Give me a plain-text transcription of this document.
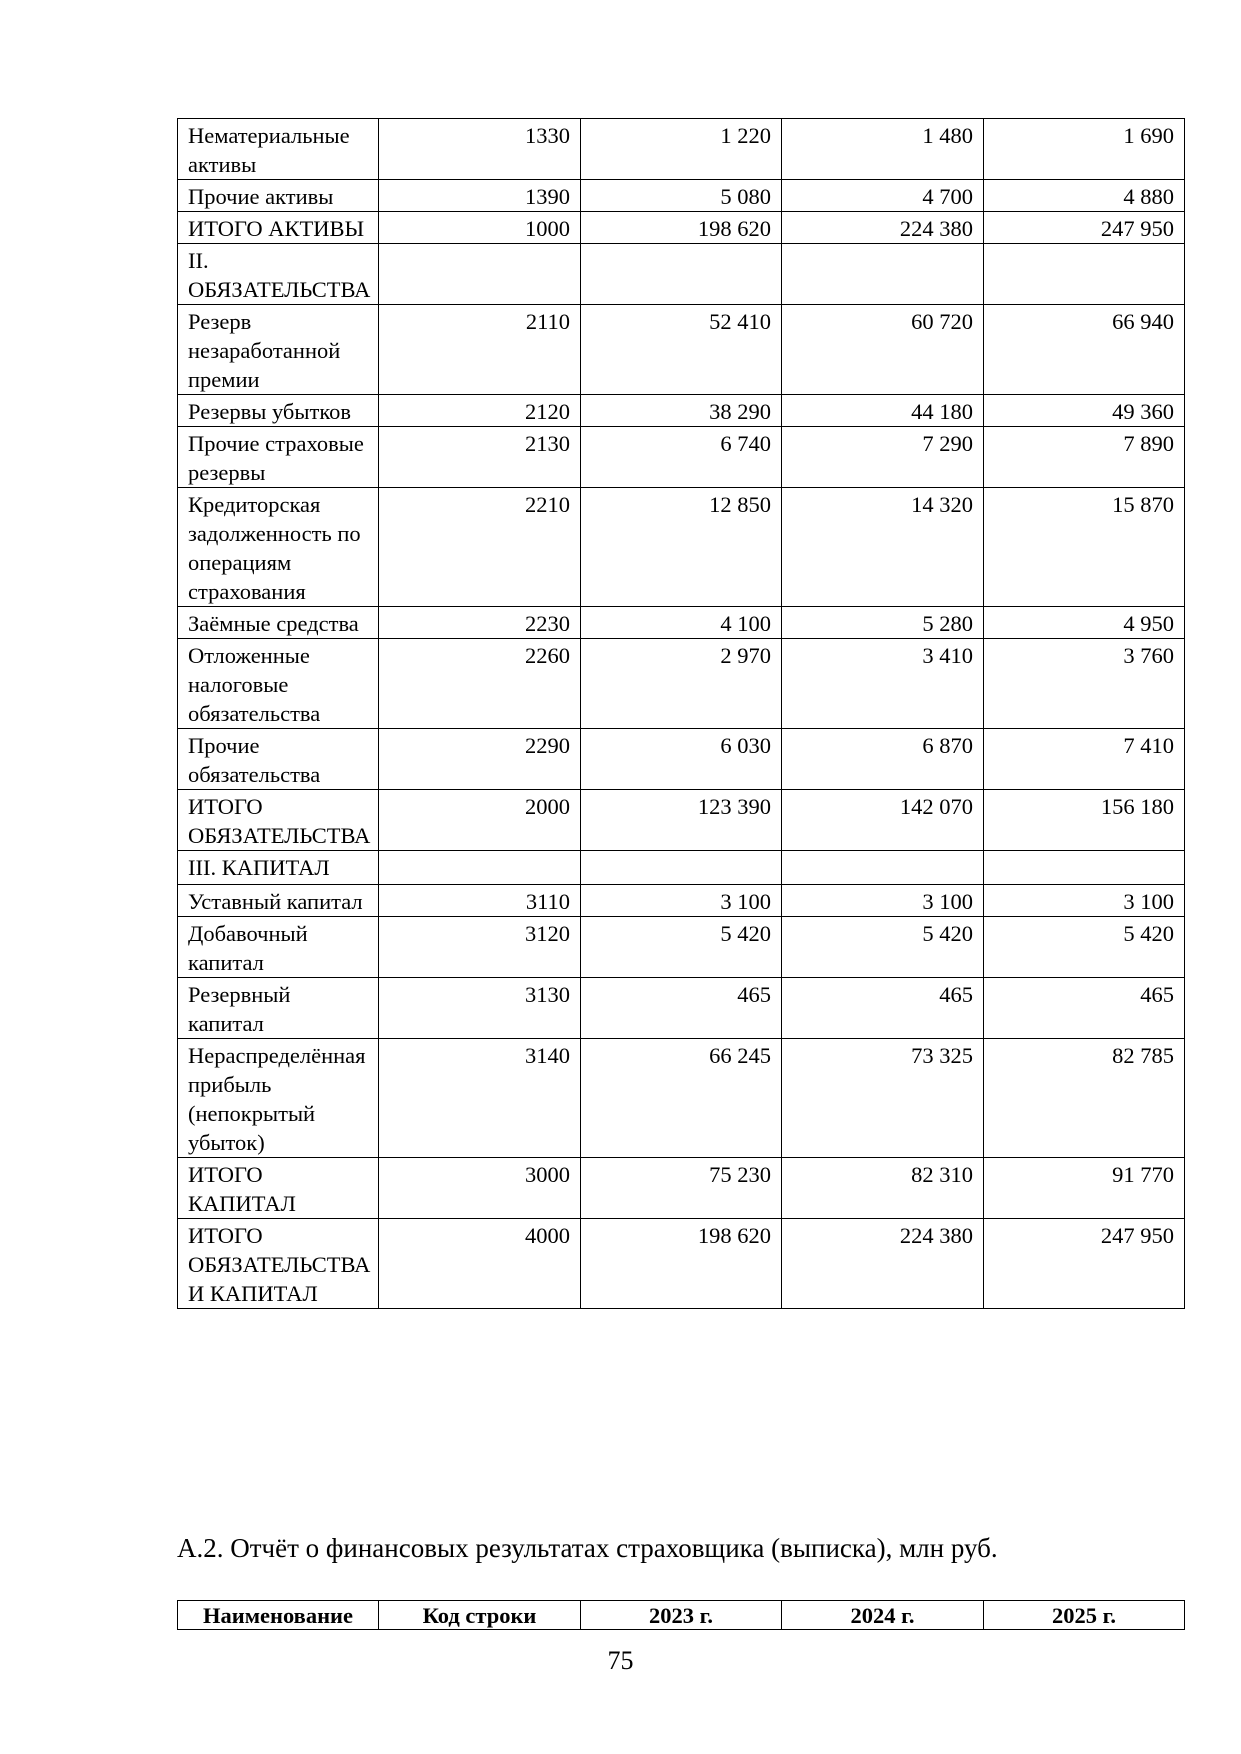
Нематериальные активы	1330	1 220	1 480	1 690
Прочие активы	1390	5 080	4 700	4 880
ИТОГО АКТИВЫ	1000	198 620	224 380	247 950
II. ОБЯЗАТЕЛЬСТВА				
Резерв незаработанной премии	2110	52 410	60 720	66 940
Резервы убытков	2120	38 290	44 180	49 360
Прочие страховые резервы	2130	6 740	7 290	7 890
Кредиторская задолженность по операциям страхования	2210	12 850	14 320	15 870
Заёмные средства	2230	4 100	5 280	4 950
Отложенные налоговые обязательства	2260	2 970	3 410	3 760
Прочие обязательства	2290	6 030	6 870	7 410
ИТОГО ОБЯЗАТЕЛЬСТВА	2000	123 390	142 070	156 180
III. КАПИТАЛ				
Уставный капитал	3110	3 100	3 100	3 100
Добавочный капитал	3120	5 420	5 420	5 420
Резервный капитал	3130	465	465	465
Нераспределённая прибыль (непокрытый убыток)	3140	66 245	73 325	82 785
ИТОГО КАПИТАЛ	3000	75 230	82 310	91 770
ИТОГО ОБЯЗАТЕЛЬСТВА И КАПИТАЛ	4000	198 620	224 380	247 950
А.2. Отчёт о финансовых результатах страховщика (выписка), млн руб.
Наименование	Код строки	2023 г.	2024 г.	2025 г.
75
